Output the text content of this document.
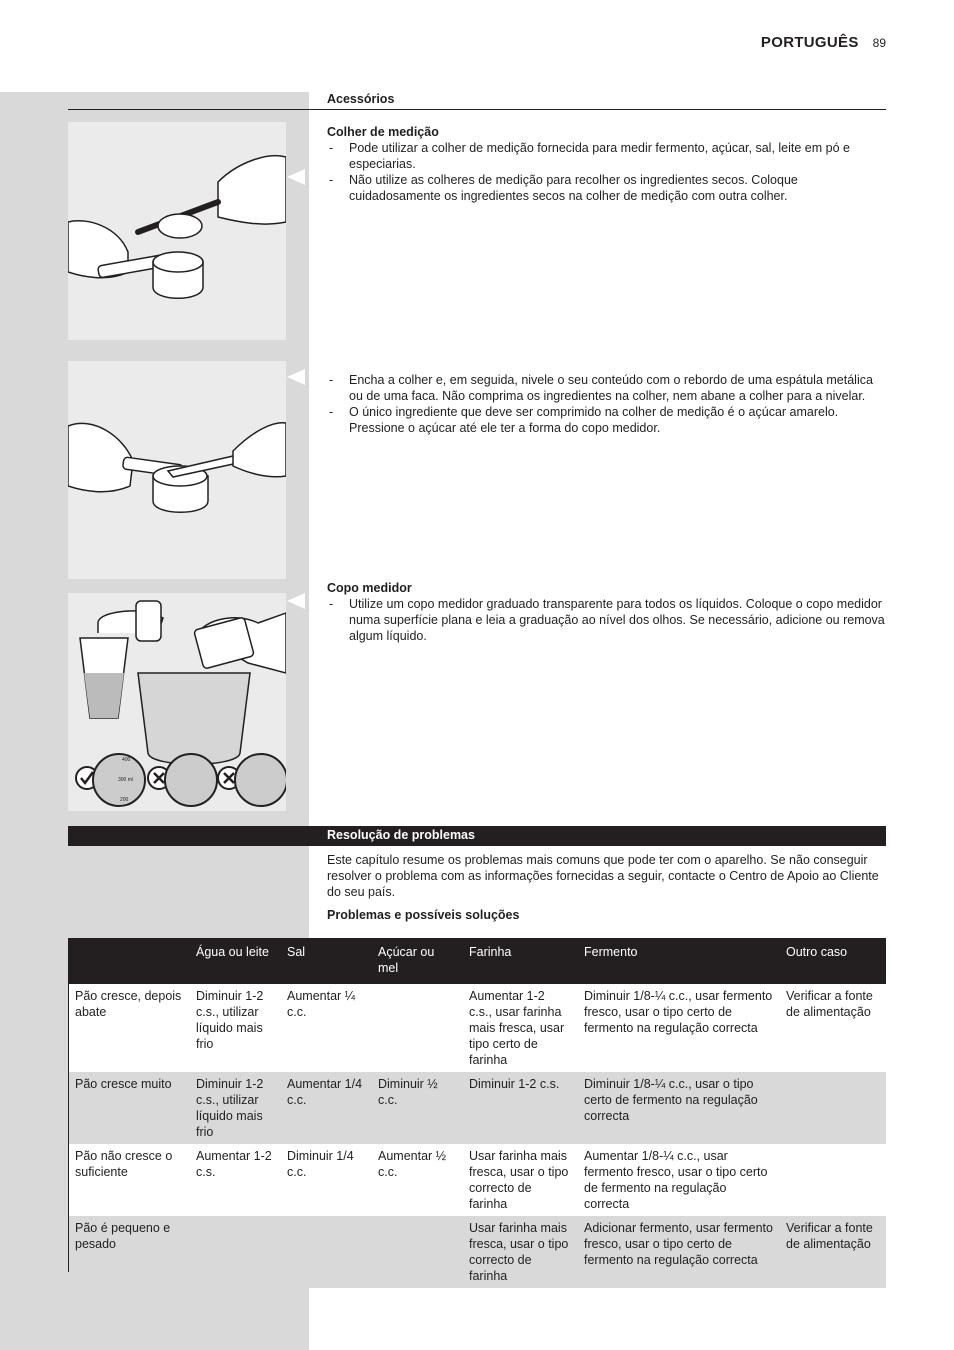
PORTUGUÊS 89
Acessórios

Colher de medição

- Pode utilizar a colher de medição fornecida para medir fermento, açúcar, sal, leite em pó e especiarias.
- Não utilize as colheres de medição para recolher os ingredientes secos. Coloque cuidadosamente os ingredientes secos na colher de medição com outra colher.
- Encha a colher e, em seguida, nivele o seu conteúdo com o rebordo de uma espátula metálica ou de uma faca. Não comprima os ingredientes na colher, nem abane a colher para a nivelar.
- O único ingrediente que deve ser comprimido na colher de medição é o açúcar amarelo. Pressione o açúcar até ele ter a forma do copo medidor.
400
300 ml
200

Copo medidor

- Utilize um copo medidor graduado transparente para todos os líquidos. Coloque o copo medidor numa superfície plana e leia a graduação ao nível dos olhos. Se necessário, adicione ou remova algum líquido.
Resolução de problemas

Este capítulo resume os problemas mais comuns que pode ter com o aparelho. Se não conseguir resolver o problema com as informações fornecidas a seguir, contacte o Centro de Apoio ao Cliente do seu país.

Problemas e possíveis soluções

	Água ou leite	Sal	Açúcar ou mel	Farinha	Fermento	Outro caso
Pão cresce, depois abate	Diminuir 1-2 c.s., utilizar líquido mais frio	Aumentar ¼ c.c.		Aumentar 1-2 c.s., usar farinha mais fresca, usar tipo certo de farinha	Diminuir 1/8-¼ c.c., usar fermento fresco, usar o tipo certo de fermento na regulação correcta	Verificar a fonte de alimentação
Pão cresce muito	Diminuir 1-2 c.s., utilizar líquido mais frio	Aumentar 1/4 c.c.	Diminuir ½ c.c.	Diminuir 1-2 c.s.	Diminuir 1/8-¼ c.c., usar o tipo certo de fermento na regulação correcta	
Pão não cresce o suficiente	Aumentar 1-2 c.s.	Diminuir 1/4 c.c.	Aumentar ½ c.c.	Usar farinha mais fresca, usar o tipo correcto de farinha	Aumentar 1/8-¼ c.c., usar fermento fresco, usar o tipo certo de fermento na regulação correcta	
Pão é pequeno e pesado				Usar farinha mais fresca, usar o tipo correcto de farinha	Adicionar fermento, usar fermento fresco, usar o tipo certo de fermento na regulação correcta	Verificar a fonte de alimentação
